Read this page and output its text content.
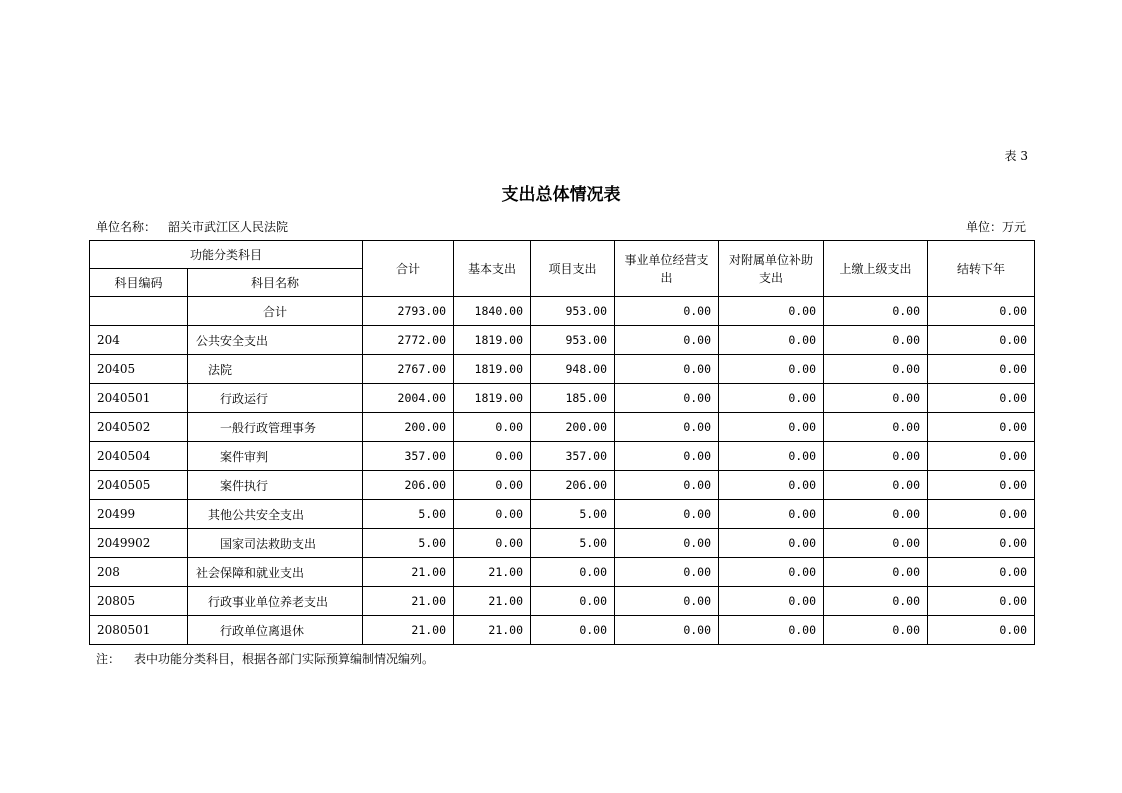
表 3
支出总体情况表
单位名称： 韶关市武江区人民法院	单位：万元
功能分类科目		合计	基本支出	项目支出	事业单位经营支出	对附属单位补助支出	上缴上级支出	结转下年
科目编码	科目名称							
	合计	2793.00	1840.00	953.00	0.00	0.00	0.00	0.00
204	公共安全支出	2772.00	1819.00	953.00	0.00	0.00	0.00	0.00
20405	法院	2767.00	1819.00	948.00	0.00	0.00	0.00	0.00
2040501	行政运行	2004.00	1819.00	185.00	0.00	0.00	0.00	0.00
2040502	一般行政管理事务	200.00	0.00	200.00	0.00	0.00	0.00	0.00
2040504	案件审判	357.00	0.00	357.00	0.00	0.00	0.00	0.00
2040505	案件执行	206.00	0.00	206.00	0.00	0.00	0.00	0.00
20499	其他公共安全支出	5.00	0.00	5.00	0.00	0.00	0.00	0.00
2049902	国家司法救助支出	5.00	0.00	5.00	0.00	0.00	0.00	0.00
208	社会保障和就业支出	21.00	21.00	0.00	0.00	0.00	0.00	0.00
20805	行政事业单位养老支出	21.00	21.00	0.00	0.00	0.00	0.00	0.00
2080501	行政单位离退休	21.00	21.00	0.00	0.00	0.00	0.00	0.00
注： 表中功能分类科目，根据各部门实际预算编制情况编列。
